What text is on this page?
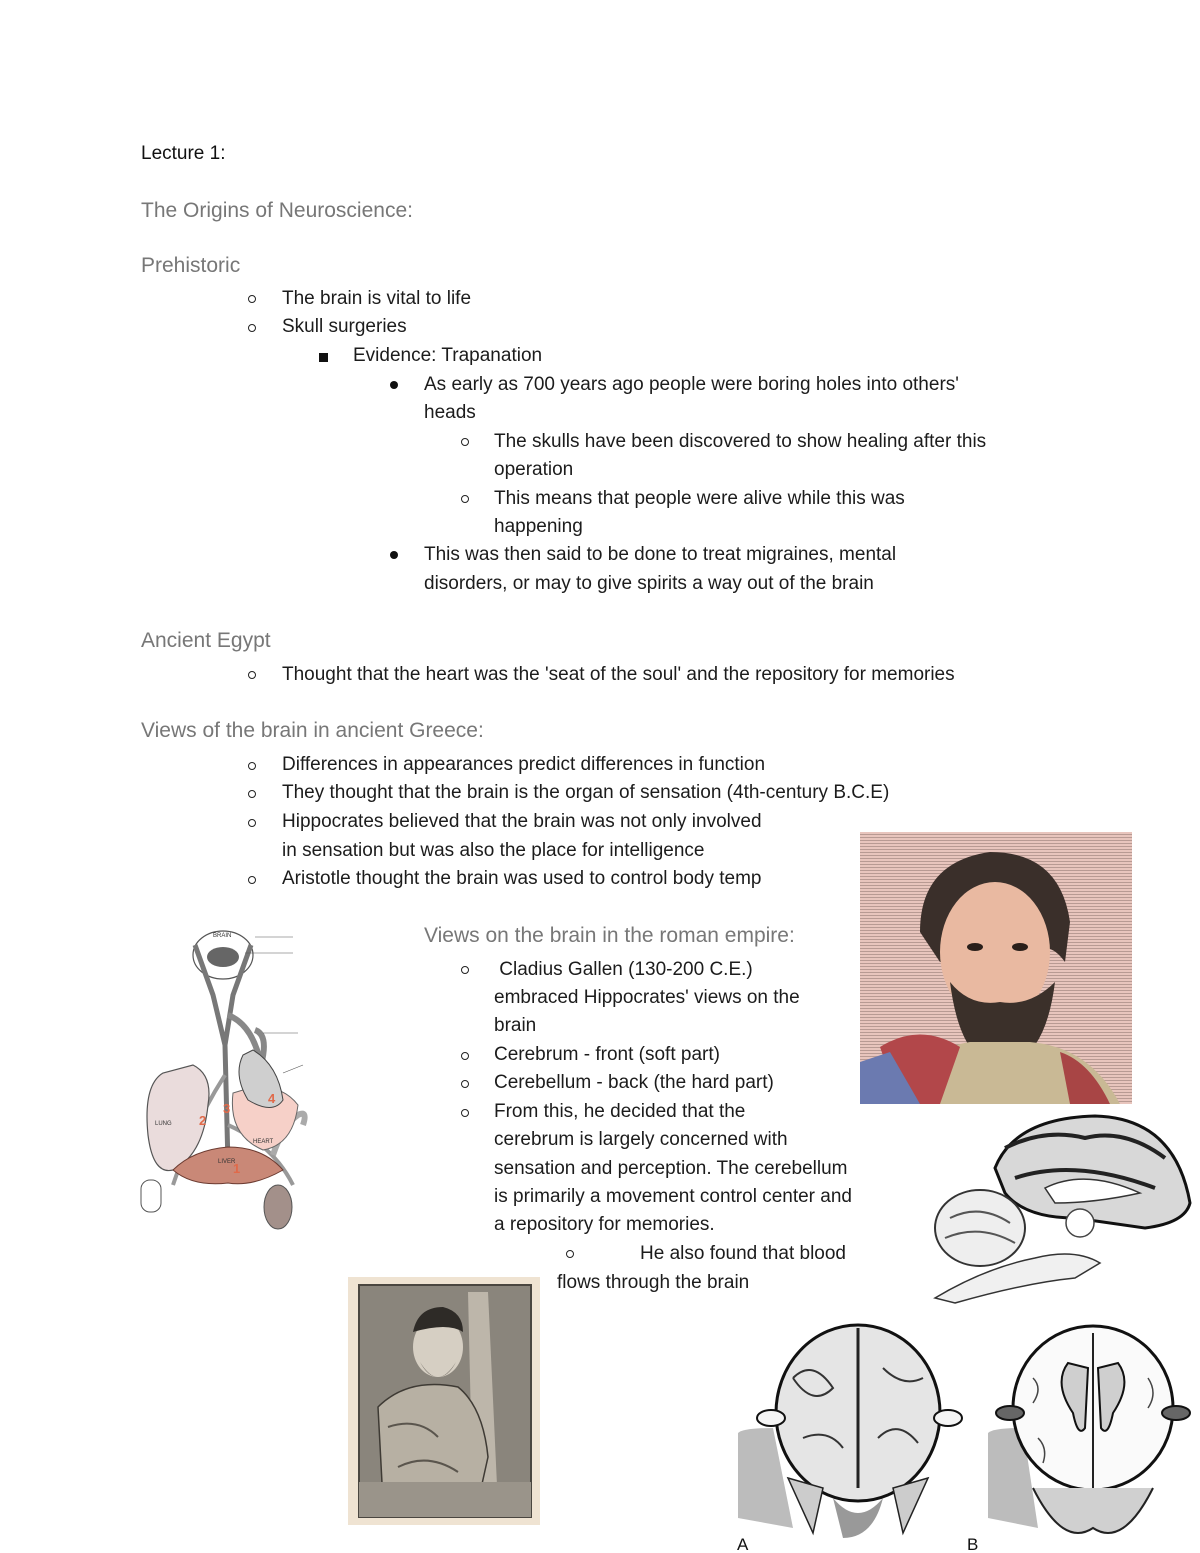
Lecture 1:
The Origins of Neuroscience:
Prehistoric
The brain is vital to life
Skull surgeries
Evidence: Trapanation
As early as 700 years ago people were boring holes into others'
heads
The skulls have been discovered to show healing after this
operation
This means that people were alive while this was
happening
This was then said to be done to treat migraines, mental
disorders, or may to give spirits a way out of the brain
Ancient Egypt
Thought that the heart was the 'seat of the soul' and the repository for memories
Views of the brain in ancient Greece:
Differences in appearances predict differences in function
They thought that the brain is the organ of sensation (4th-century B.C.E)
Hippocrates believed that the brain was not only involved
in sensation but was also the place for intelligence
Aristotle thought the brain was used to control body temp
Views on the brain in the roman empire:
Cladius Gallen (130-200 C.E.)
embraced Hippocrates' views on the
brain
Cerebrum - front (soft part)
Cerebellum - back (the hard part)
From this, he decided that the
cerebrum is largely concerned with
sensation and perception. The cerebellum
is primarily a movement control center and
a repository for memories.
He also found that blood
flows through the brain
BRAIN
LUNG
HEART
LIVER
1
2
3
4
A	B
